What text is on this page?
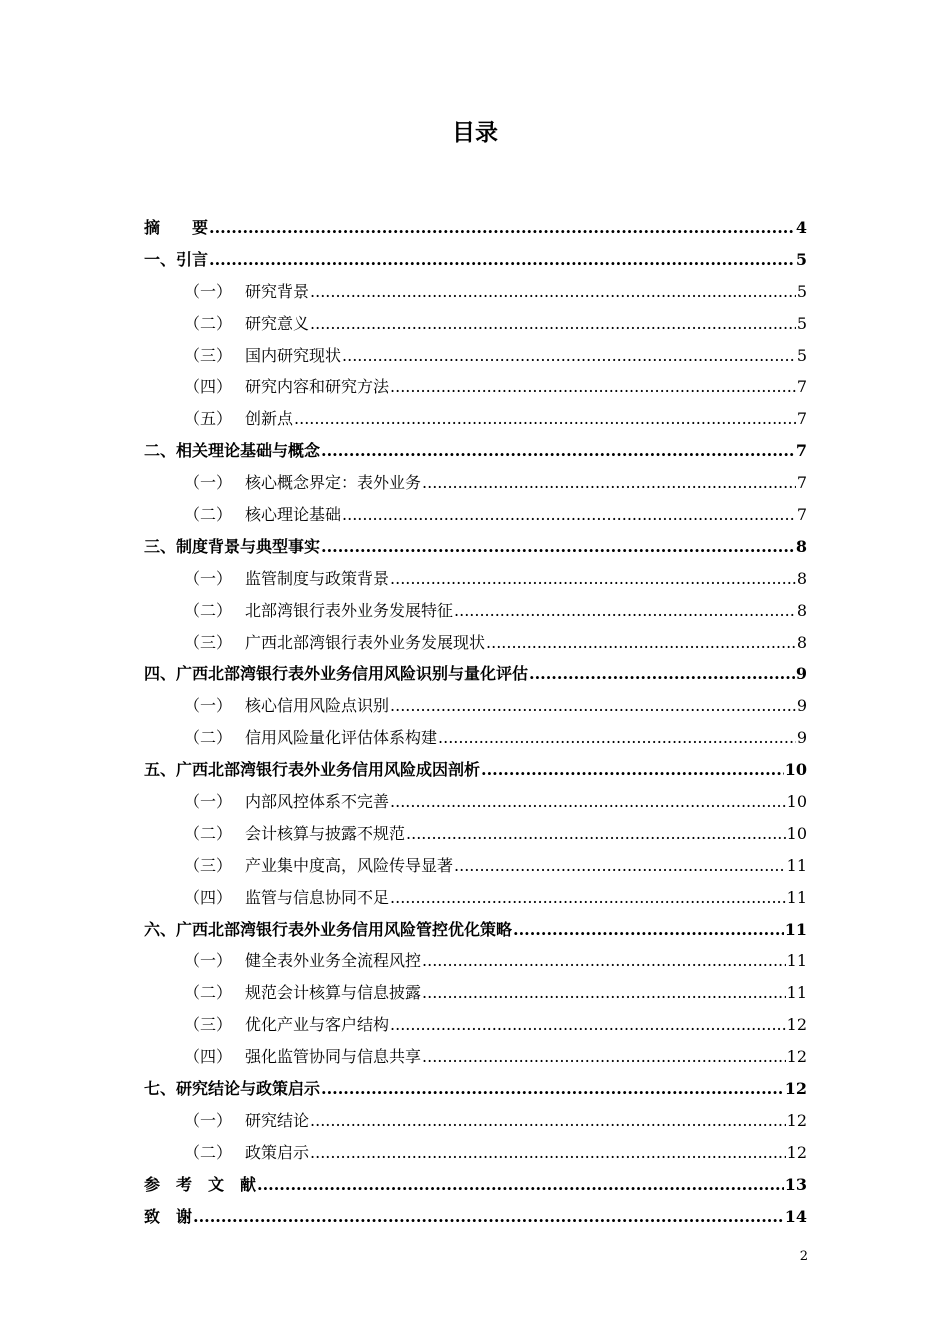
目录
摘　　要 .....	4
一、引言 .....	5
（一） 研究背景 .....	5
（二） 研究意义 .....	5
（三） 国内研究现状 .....	5
（四） 研究内容和研究方法 .....	7
（五） 创新点 .....	7
二、相关理论基础与概念 .....	7
（一） 核心概念界定：表外业务 .....	7
（二） 核心理论基础 .....	7
三、制度背景与典型事实 .....	8
（一） 监管制度与政策背景 .....	8
（二） 北部湾银行表外业务发展特征 .....	8
（三） 广西北部湾银行表外业务发展现状 .....	8
四、广西北部湾银行表外业务信用风险识别与量化评估 .....	9
（一） 核心信用风险点识别 .....	9
（二） 信用风险量化评估体系构建 .....	9
五、广西北部湾银行表外业务信用风险成因剖析 .....	10
（一） 内部风控体系不完善 .....	10
（二） 会计核算与披露不规范 .....	10
（三） 产业集中度高，风险传导显著 .....	11
（四） 监管与信息协同不足 .....	11
六、广西北部湾银行表外业务信用风险管控优化策略 .....	11
（一） 健全表外业务全流程风控 .....	11
（二） 规范会计核算与信息披露 .....	11
（三） 优化产业与客户结构 .....	12
（四） 强化监管协同与信息共享 .....	12
七、研究结论与政策启示 .....	12
（一） 研究结论 .....	12
（二） 政策启示 .....	12
参　考　文　献 .....	13
致　谢 .....	14
2
